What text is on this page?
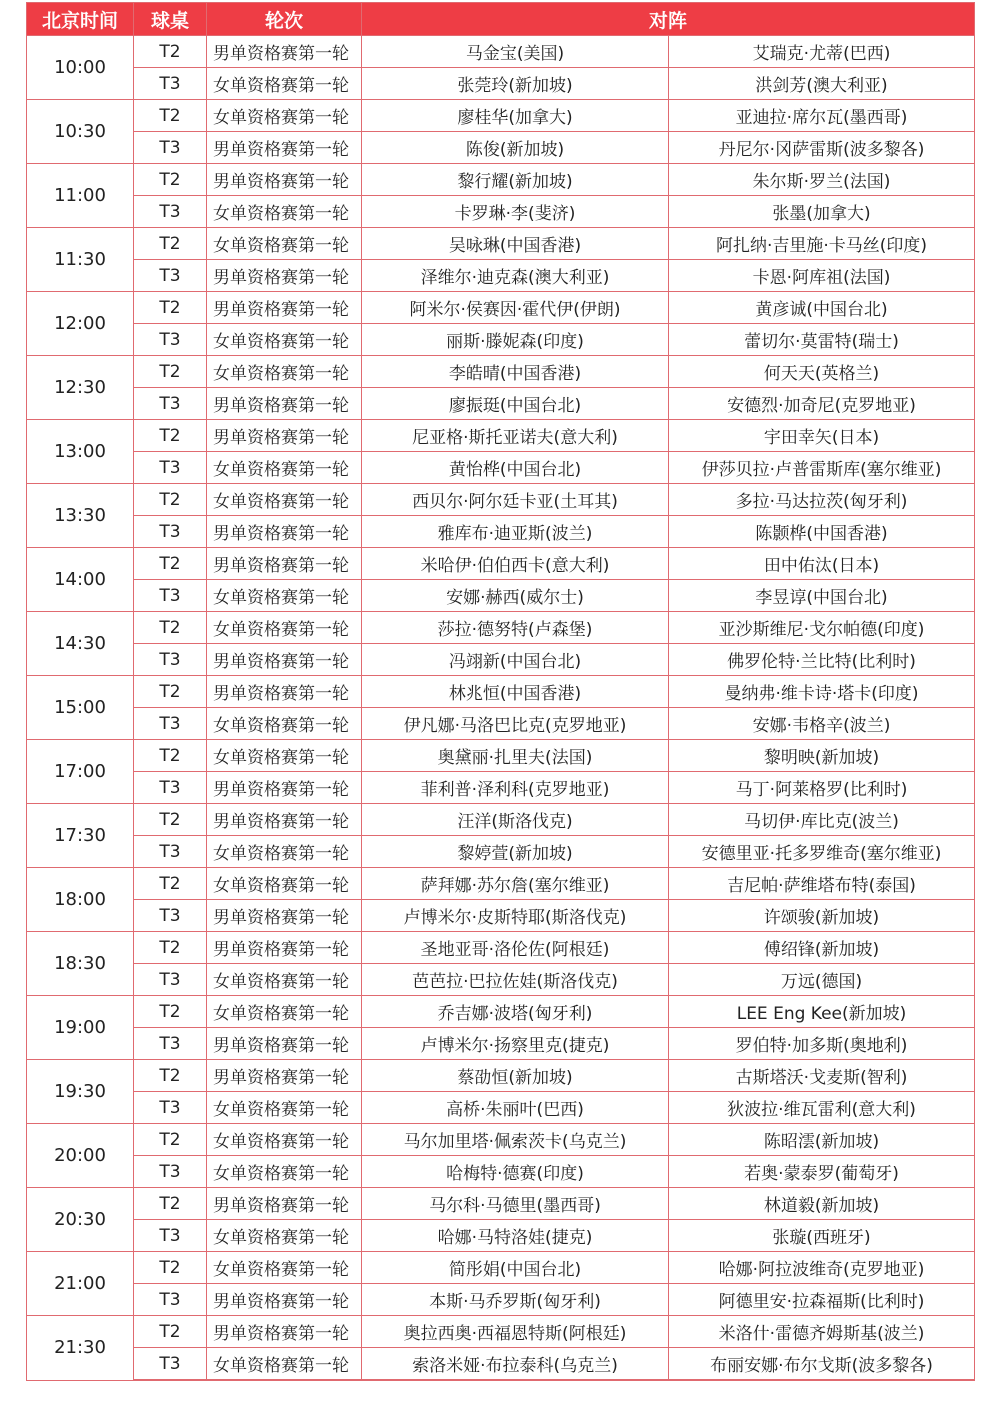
北京时间	球桌	轮次	对阵	
10:00	T2	男单资格赛第一轮	马金宝(美国)	艾瑞克·尤蒂(巴西)
	T3	女单资格赛第一轮	张莞玲(新加坡)	洪剑芳(澳大利亚)
10:30	T2	女单资格赛第一轮	廖桂华(加拿大)	亚迪拉·席尔瓦(墨西哥)
	T3	男单资格赛第一轮	陈俊(新加坡)	丹尼尔·冈萨雷斯(波多黎各)
11:00	T2	男单资格赛第一轮	黎行耀(新加坡)	朱尔斯·罗兰(法国)
	T3	女单资格赛第一轮	卡罗琳·李(斐济)	张墨(加拿大)
11:30	T2	女单资格赛第一轮	吴咏琳(中国香港)	阿扎纳·吉里施·卡马丝(印度)
	T3	男单资格赛第一轮	泽维尔·迪克森(澳大利亚)	卡恩·阿库祖(法国)
12:00	T2	男单资格赛第一轮	阿米尔·侯赛因·霍代伊(伊朗)	黄彦诚(中国台北)
	T3	女单资格赛第一轮	丽斯·滕妮森(印度)	蕾切尔·莫雷特(瑞士)
12:30	T2	女单资格赛第一轮	李皓晴(中国香港)	何天天(英格兰)
	T3	男单资格赛第一轮	廖振珽(中国台北)	安德烈·加奇尼(克罗地亚)
13:00	T2	男单资格赛第一轮	尼亚格·斯托亚诺夫(意大利)	宇田幸矢(日本)
	T3	女单资格赛第一轮	黄怡桦(中国台北)	伊莎贝拉·卢普雷斯库(塞尔维亚)
13:30	T2	女单资格赛第一轮	西贝尔·阿尔廷卡亚(土耳其)	多拉·马达拉茨(匈牙利)
	T3	男单资格赛第一轮	雅库布·迪亚斯(波兰)	陈颢桦(中国香港)
14:00	T2	男单资格赛第一轮	米哈伊·伯伯西卡(意大利)	田中佑汰(日本)
	T3	女单资格赛第一轮	安娜·赫西(威尔士)	李昱谆(中国台北)
14:30	T2	女单资格赛第一轮	莎拉·德努特(卢森堡)	亚沙斯维尼·戈尔帕德(印度)
	T3	男单资格赛第一轮	冯翊新(中国台北)	佛罗伦特·兰比特(比利时)
15:00	T2	男单资格赛第一轮	林兆恒(中国香港)	曼纳弗·维卡诗·塔卡(印度)
	T3	女单资格赛第一轮	伊凡娜·马洛巴比克(克罗地亚)	安娜·韦格辛(波兰)
17:00	T2	女单资格赛第一轮	奥黛丽·扎里夫(法国)	黎明映(新加坡)
	T3	男单资格赛第一轮	菲利普·泽利科(克罗地亚)	马丁·阿莱格罗(比利时)
17:30	T2	男单资格赛第一轮	汪洋(斯洛伐克)	马切伊·库比克(波兰)
	T3	女单资格赛第一轮	黎婷萱(新加坡)	安德里亚·托多罗维奇(塞尔维亚)
18:00	T2	女单资格赛第一轮	萨拜娜·苏尔詹(塞尔维亚)	吉尼帕·萨维塔布特(泰国)
	T3	男单资格赛第一轮	卢博米尔·皮斯特耶(斯洛伐克)	许颂骏(新加坡)
18:30	T2	男单资格赛第一轮	圣地亚哥·洛伦佐(阿根廷)	傅绍锋(新加坡)
	T3	女单资格赛第一轮	芭芭拉·巴拉佐娃(斯洛伐克)	万远(德国)
19:00	T2	女单资格赛第一轮	乔吉娜·波塔(匈牙利)	LEE Eng Kee(新加坡)
	T3	男单资格赛第一轮	卢博米尔·扬察里克(捷克)	罗伯特·加多斯(奥地利)
19:30	T2	男单资格赛第一轮	蔡劭恒(新加坡)	古斯塔沃·戈麦斯(智利)
	T3	女单资格赛第一轮	高桥·朱丽叶(巴西)	狄波拉·维瓦雷利(意大利)
20:00	T2	女单资格赛第一轮	马尔加里塔·佩索茨卡(乌克兰)	陈昭澐(新加坡)
	T3	女单资格赛第一轮	哈梅特·德赛(印度)	若奥·蒙泰罗(葡萄牙)
20:30	T2	男单资格赛第一轮	马尔科·马德里(墨西哥)	林道毅(新加坡)
	T3	女单资格赛第一轮	哈娜·马特洛娃(捷克)	张璇(西班牙)
21:00	T2	女单资格赛第一轮	简彤娟(中国台北)	哈娜·阿拉波维奇(克罗地亚)
	T3	男单资格赛第一轮	本斯·马乔罗斯(匈牙利)	阿德里安·拉森福斯(比利时)
21:30	T2	男单资格赛第一轮	奥拉西奥·西福恩特斯(阿根廷)	米洛什·雷德齐姆斯基(波兰)
	T3	女单资格赛第一轮	索洛米娅·布拉泰科(乌克兰)	布丽安娜·布尔戈斯(波多黎各)
